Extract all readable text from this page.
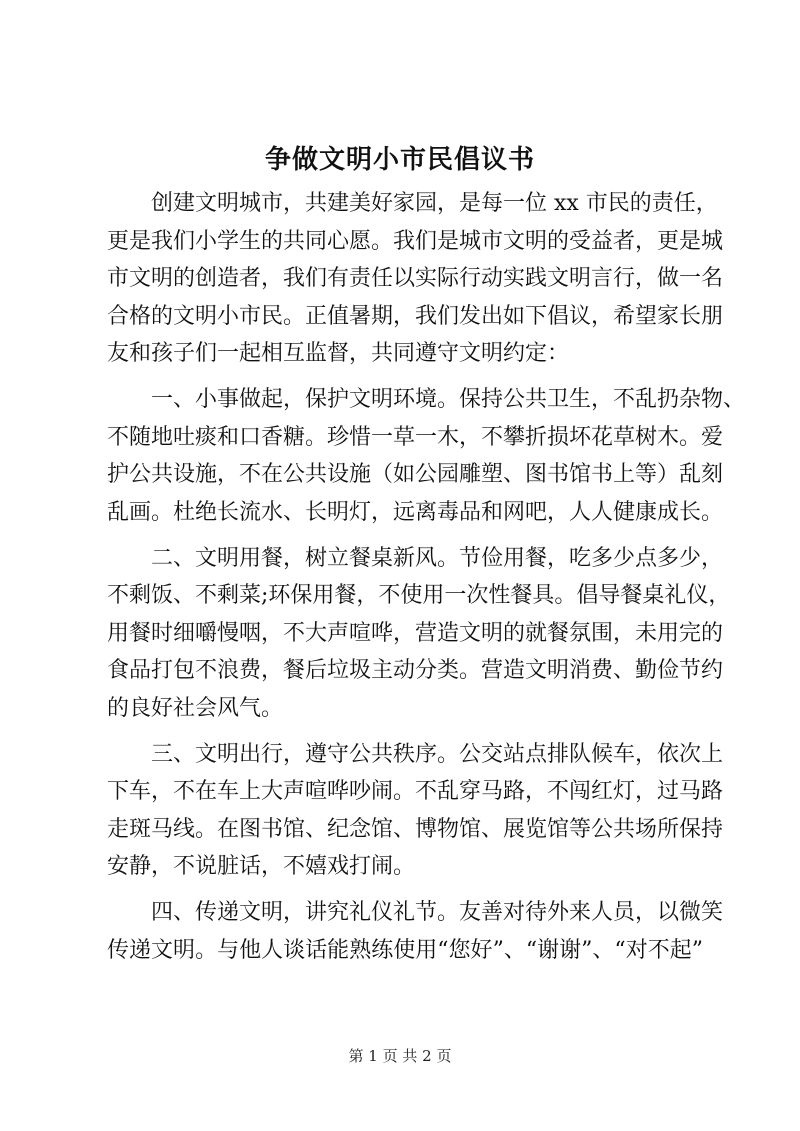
争做文明小市民倡议书
创建文明城市，共建美好家园，是每一位 xx 市民的责任，
更是我们小学生的共同心愿。我们是城市文明的受益者，更是城
市文明的创造者，我们有责任以实际行动实践文明言行，做一名
合格的文明小市民。正值暑期，我们发出如下倡议，希望家长朋
友和孩子们一起相互监督，共同遵守文明约定：
一、小事做起，保护文明环境。保持公共卫生，不乱扔杂物、
不随地吐痰和口香糖。珍惜一草一木，不攀折损坏花草树木。爱
护公共设施，不在公共设施（如公园雕塑、图书馆书上等）乱刻
乱画。杜绝长流水、长明灯，远离毒品和网吧，人人健康成长。
二、文明用餐，树立餐桌新风。节俭用餐，吃多少点多少，
不剩饭、不剩菜;环保用餐，不使用一次性餐具。倡导餐桌礼仪，
用餐时细嚼慢咽，不大声喧哗，营造文明的就餐氛围，未用完的
食品打包不浪费，餐后垃圾主动分类。营造文明消费、勤俭节约
的良好社会风气。
三、文明出行，遵守公共秩序。公交站点排队候车，依次上
下车，不在车上大声喧哗吵闹。不乱穿马路，不闯红灯，过马路
走斑马线。在图书馆、纪念馆、博物馆、展览馆等公共场所保持
安静，不说脏话，不嬉戏打闹。
四、传递文明，讲究礼仪礼节。友善对待外来人员，以微笑
传递文明。与他人谈话能熟练使用“您好”、“谢谢”、“对不起”
第 1 页 共 2 页
